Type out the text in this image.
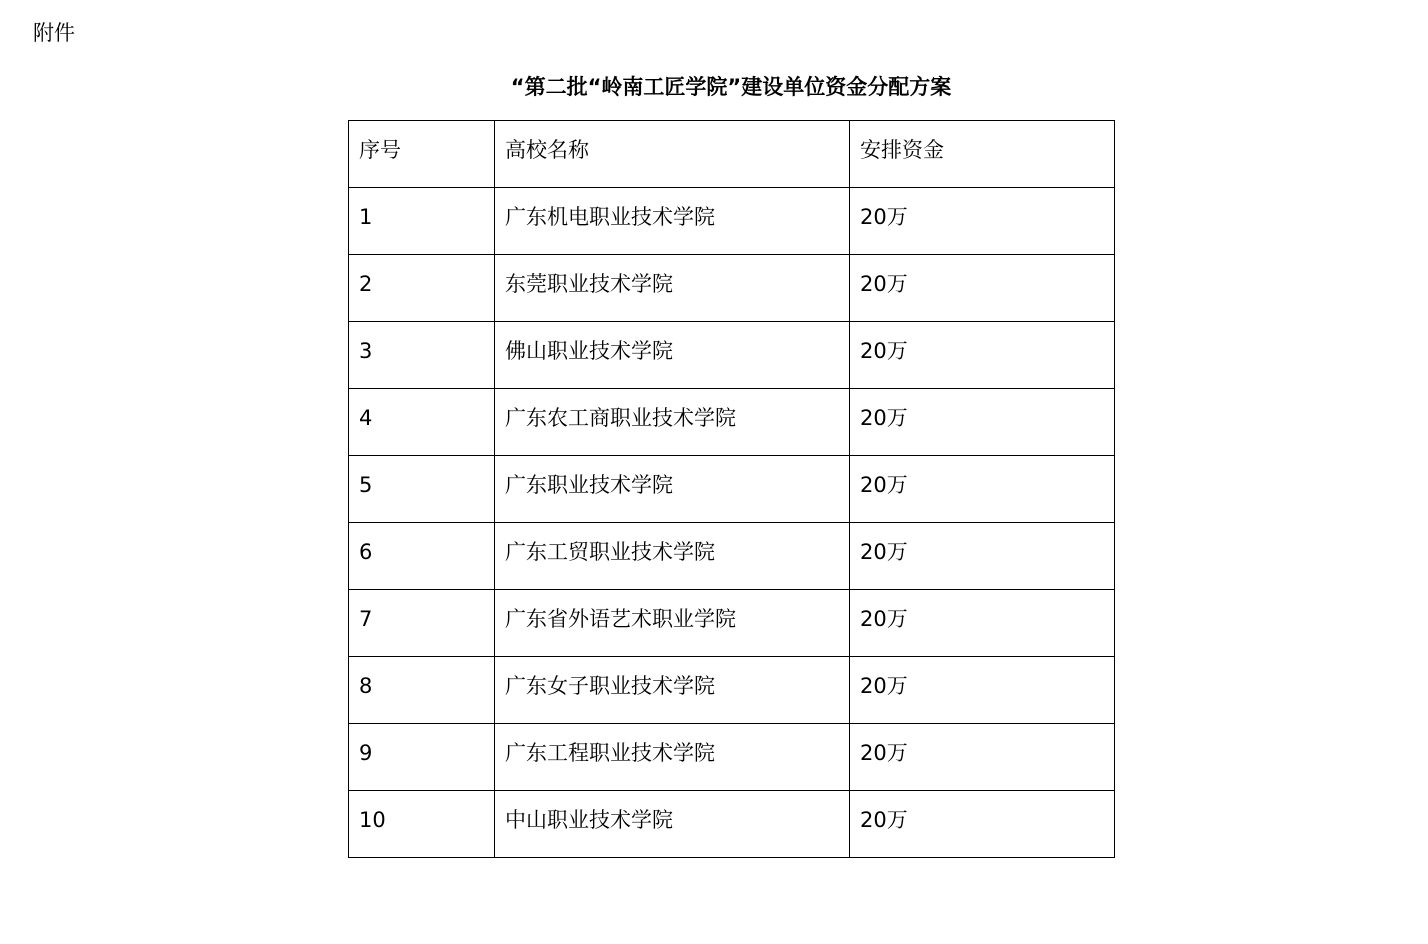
附件
“第二批“岭南工匠学院”建设单位资金分配方案
序号	高校名称	安排资金

1	广东机电职业技术学院	20万

2	东莞职业技术学院	20万

3	佛山职业技术学院	20万

4	广东农工商职业技术学院	20万

5	广东职业技术学院	20万

6	广东工贸职业技术学院	20万

7	广东省外语艺术职业学院	20万

8	广东女子职业技术学院	20万

9	广东工程职业技术学院	20万

10	中山职业技术学院	20万
